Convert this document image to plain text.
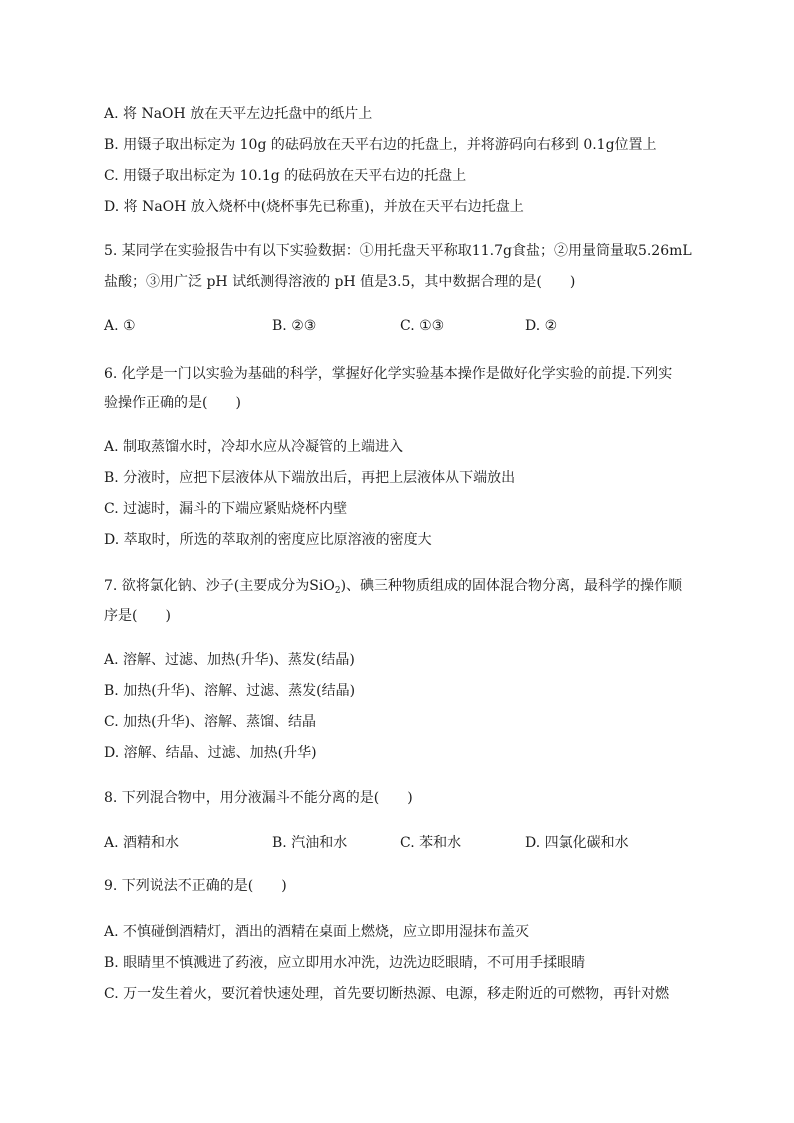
A. 将 NaOH 放在天平左边托盘中的纸片上
B. 用镊子取出标定为 10g 的砝码放在天平右边的托盘上，并将游码向右移到 0.1g位置上
C. 用镊子取出标定为 10.1g 的砝码放在天平右边的托盘上
D. 将 NaOH 放入烧杯中(烧杯事先已称重)，并放在天平右边托盘上
5. 某同学在实验报告中有以下实验数据：①用托盘天平称取11.7g食盐；②用量筒量取5.26mL
盐酸；③用广泛 pH 试纸测得溶液的 pH 值是3.5，其中数据合理的是(　　)
A. ①	B. ②③	C. ①③	D. ②
6. 化学是一门以实验为基础的科学，掌握好化学实验基本操作是做好化学实验的前提.下列实
验操作正确的是(　　)
A. 制取蒸馏水时，冷却水应从冷凝管的上端进入
B. 分液时，应把下层液体从下端放出后，再把上层液体从下端放出
C. 过滤时，漏斗的下端应紧贴烧杯内壁
D. 萃取时，所选的萃取剂的密度应比原溶液的密度大
7. 欲将氯化钠、沙子(主要成分为SiO$_2$)、碘三种物质组成的固体混合物分离，最科学的操作顺
序是(　　)
A. 溶解、过滤、加热(升华)、蒸发(结晶)
B. 加热(升华)、溶解、过滤、蒸发(结晶)
C. 加热(升华)、溶解、蒸馏、结晶
D. 溶解、结晶、过滤、加热(升华)
8. 下列混合物中，用分液漏斗不能分离的是(　　)
A. 酒精和水	B. 汽油和水	C. 苯和水	D. 四氯化碳和水
9. 下列说法不正确的是(　　)
A. 不慎碰倒酒精灯，酒出的酒精在桌面上燃烧，应立即用湿抹布盖灭
B. 眼睛里不慎溅进了药液，应立即用水冲洗，边洗边眨眼睛，不可用手揉眼睛
C. 万一发生着火，要沉着快速处理，首先要切断热源、电源，移走附近的可燃物，再针对燃
